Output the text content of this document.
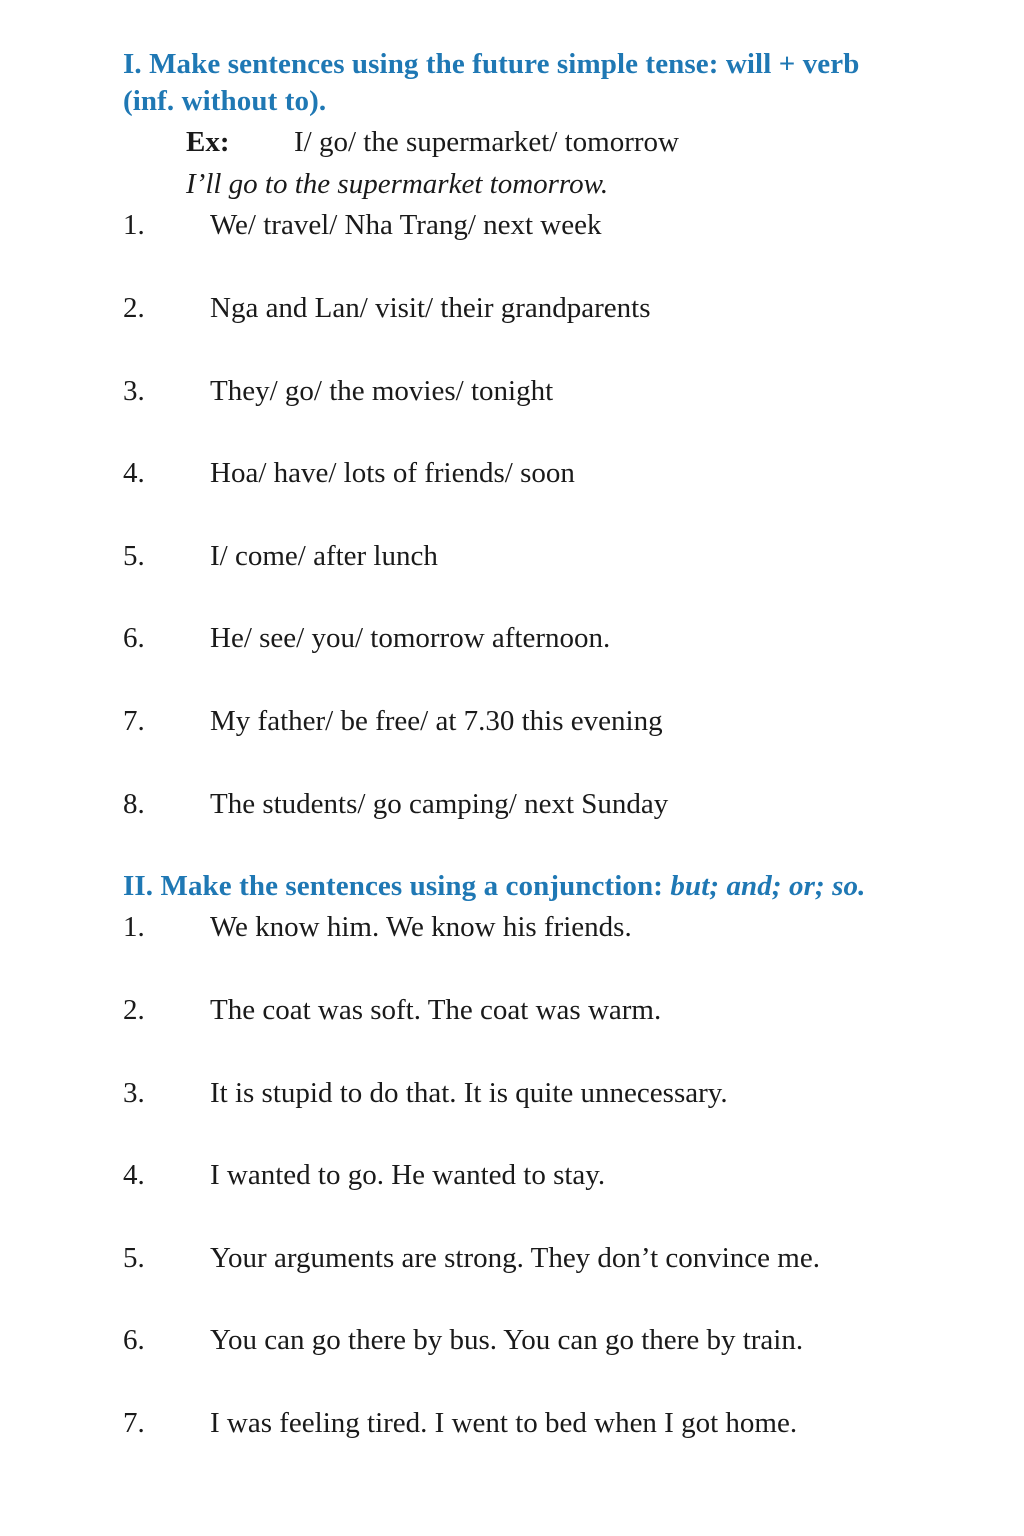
I. Make sentences using the future simple tense: will + verb
(inf. without to).
Ex: I/ go/ the supermarket/ tomorrow
I’ll go to the supermarket tomorrow.
1. We/ travel/ Nha Trang/ next week
2. Nga and Lan/ visit/ their grandparents
3. They/ go/ the movies/ tonight
4. Hoa/ have/ lots of friends/ soon
5. I/ come/ after lunch
6. He/ see/ you/ tomorrow afternoon.
7. My father/ be free/ at 7.30 this evening
8. The students/ go camping/ next Sunday
II. Make the sentences using a conjunction: but; and; or; so.
1. We know him. We know his friends.
2. The coat was soft. The coat was warm.
3. It is stupid to do that. It is quite unnecessary.
4. I wanted to go. He wanted to stay.
5. Your arguments are strong. They don’t convince me.
6. You can go there by bus. You can go there by train.
7. I was feeling tired. I went to bed when I got home.
